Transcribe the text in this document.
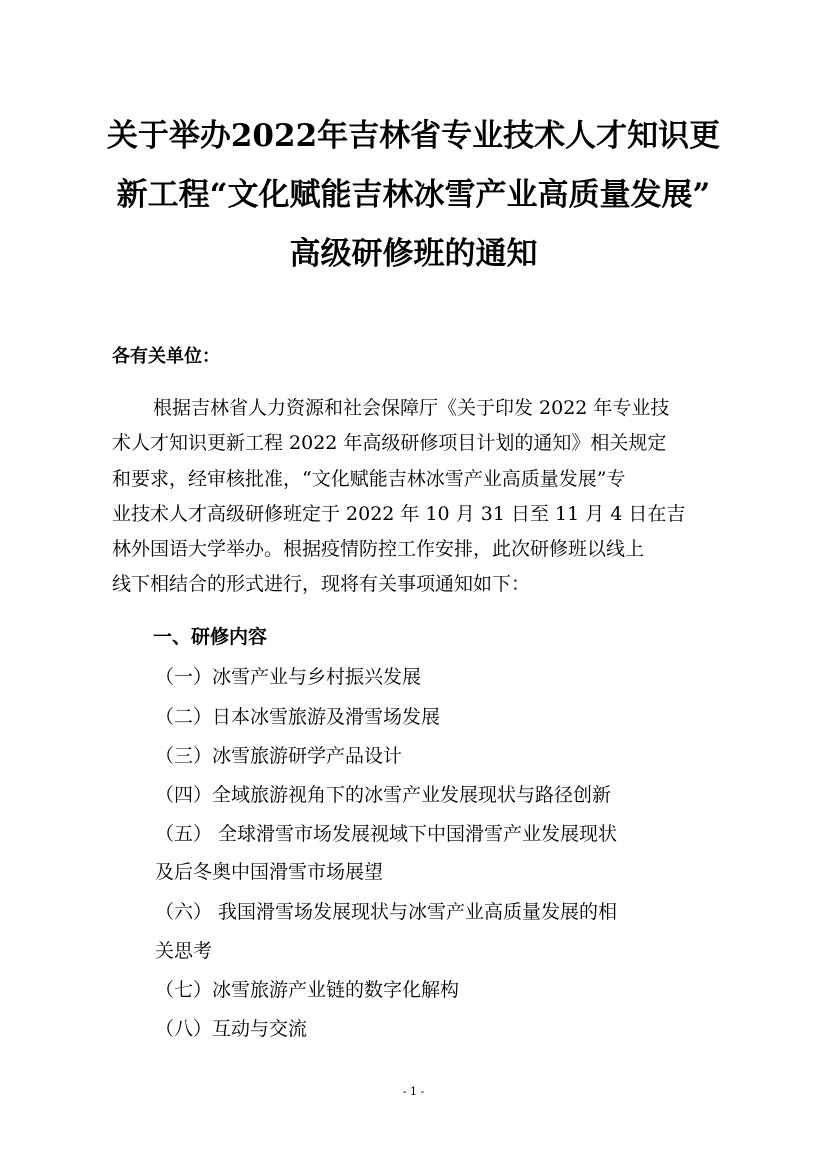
关于举办2022年吉林省专业技术人才知识更
新工程“文化赋能吉林冰雪产业高质量发展”
高级研修班的通知
各有关单位：
根据吉林省人力资源和社会保障厅《关于印发 2022 年专业技
术人才知识更新工程 2022 年高级研修项目计划的通知》相关规定
和要求，经审核批准，“文化赋能吉林冰雪产业高质量发展”专
业技术人才高级研修班定于 2022 年 10 月 31 日至 11 月 4 日在吉
林外国语大学举办。根据疫情防控工作安排，此次研修班以线上
线下相结合的形式进行，现将有关事项通知如下：
一、研修内容
（一）冰雪产业与乡村振兴发展
（二）日本冰雪旅游及滑雪场发展
（三）冰雪旅游研学产品设计
（四）全域旅游视角下的冰雪产业发展现状与路径创新
（五） 全球滑雪市场发展视域下中国滑雪产业发展现状
及后冬奥中国滑雪市场展望
（六） 我国滑雪场发展现状与冰雪产业高质量发展的相
关思考
（七）冰雪旅游产业链的数字化解构
（八）互动与交流
- 1 -
